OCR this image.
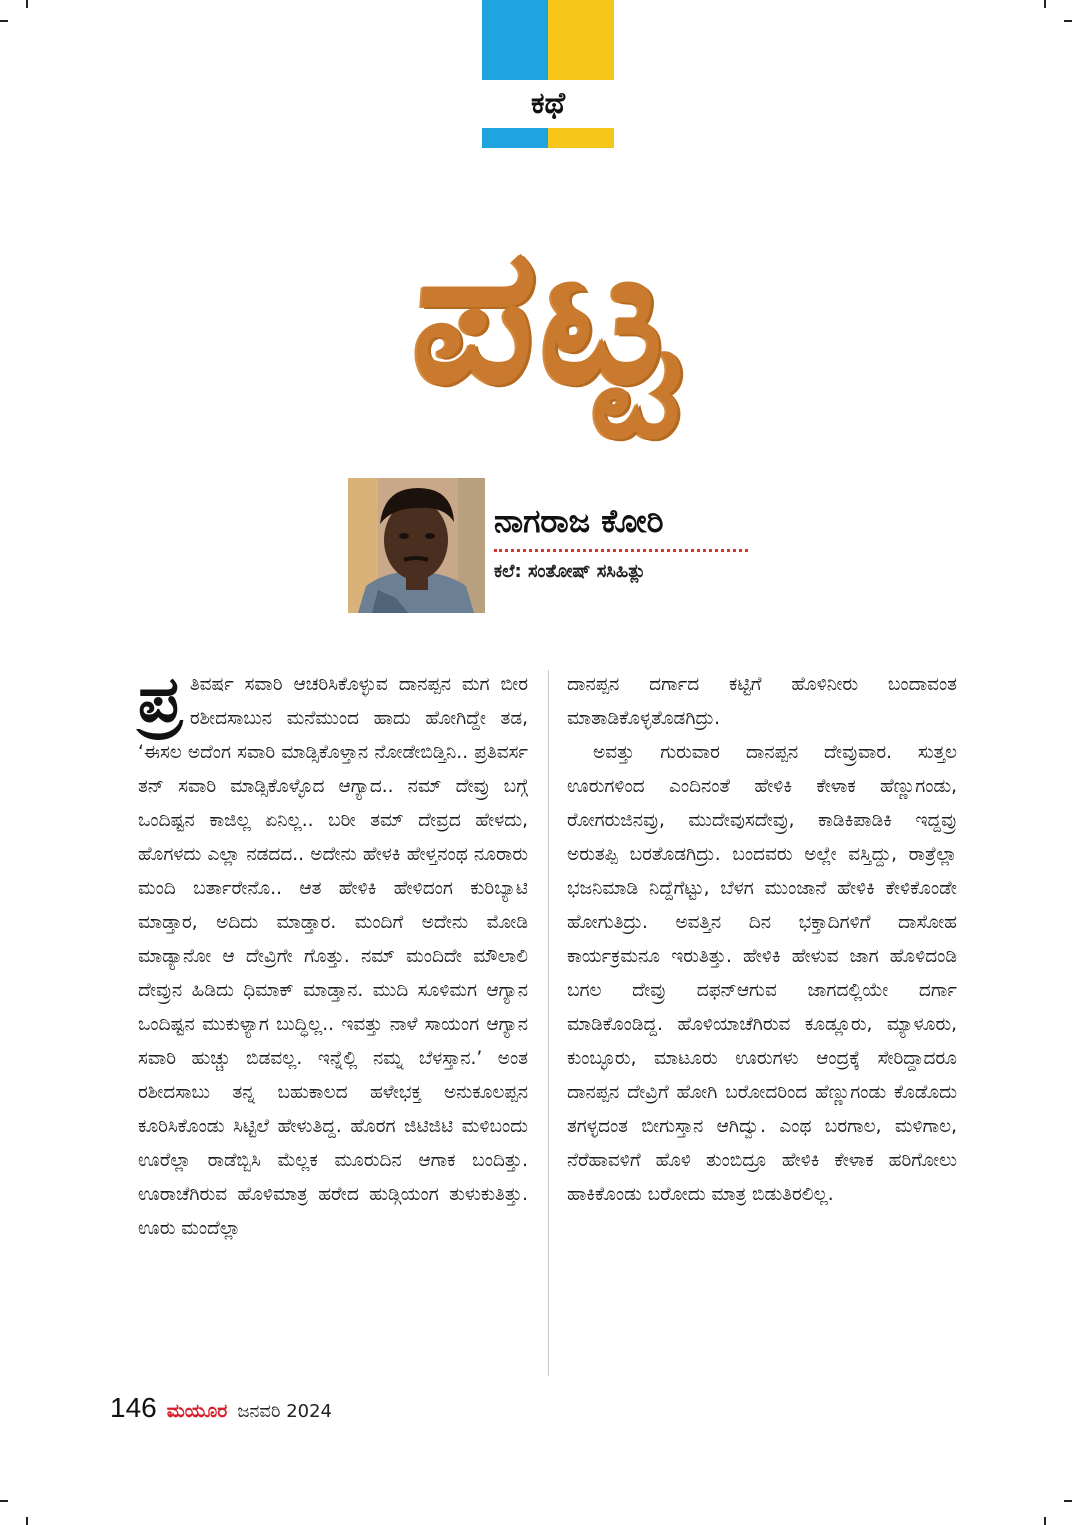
ಕಥೆ
ಪಟ್ಟ
ನಾಗರಾಜ ಕೋರಿ
ಕಲೆ: ಸಂತೋಷ್ ಸಸಿಹಿತ್ಲು

ಪ್ರ ತಿವರ್ಷ ಸವಾರಿ ಆಚರಿಸಿಕೊಳ್ಳುವ ದಾನಪ್ಪನ ಮಗ ಬೀರ ರಶೀದಸಾಬುನ ಮನೆಮುಂದ ಹಾದು ಹೋಗಿದ್ದೇ ತಡ, ‘ಈಸಲ ಅದೆಂಗ ಸವಾರಿ ಮಾಡ್ಸಿಕೊಳ್ತಾನ ನೋಡೇಬಿಡ್ತಿನಿ.. ಪ್ರತಿವರ್ಸ ತನ್ ಸವಾರಿ ಮಾಡ್ಸಿಕೊಳ್ಳೊದ ಆಗ್ಯಾದ.. ನಮ್ ದೇವ್ರು ಬಗ್ಗೆ ಒಂದಿಷ್ಟನ ಕಾಜಿಲ್ಲ ಏನಿಲ್ಲ.. ಬರೀ ತಮ್ ದೇವ್ರದ ಹೇಳದು, ಹೊಗಳದು ಎಲ್ಲಾ ನಡದದ.. ಅದೇನು ಹೇಳಕಿ ಹೇಳ್ತನಂಥ ನೂರಾರು ಮಂದಿ ಬರ್ತಾರೇನೊ.. ಆತ ಹೇಳಿಕಿ ಹೇಳಿದಂಗ ಕುರಿಬ್ಯಾಟಿ ಮಾಡ್ತಾರ, ಅದಿದು ಮಾಡ್ತಾರ. ಮಂದಿಗೆ ಅದೇನು ಮೋಡಿ ಮಾಡ್ಯಾನೋ ಆ ದೇವ್ರಿಗೇ ಗೊತ್ತು. ನಮ್ ಮಂದಿದೇ ಮೌಲಾಲಿ ದೇವ್ರುನ ಹಿಡಿದು ಧಿಮಾಕ್ ಮಾಡ್ತಾನ. ಮುದಿ ಸೂಳಿಮಗ ಆಗ್ಯಾನ ಒಂದಿಷ್ಟನ ಮುಕುಳ್ಯಾಗ ಬುದ್ಧಿಲ್ಲ.. ಇವತ್ತು ನಾಳೆ ಸಾಯಂಗ ಆಗ್ಯಾನ ಸವಾರಿ ಹುಚ್ಚು ಬಿಡವಲ್ಲ. ಇನ್ನೆಲ್ಲಿ ನಮ್ನ ಬೆಳಸ್ತಾನ.’ ಅಂತ ರಶೀದಸಾಬು ತನ್ನ ಬಹುಕಾಲದ ಹಳೇಭಕ್ತ ಅನುಕೂಲಪ್ಪನ ಕೂರಿಸಿಕೊಂಡು ಸಿಟ್ಟಿಲೆ ಹೇಳುತಿದ್ದ. ಹೊರಗ ಜಿಟಿಜಿಟಿ ಮಳಿಬಂದು ಊರೆಲ್ಲಾ ರಾಡೆಬ್ಬಿಸಿ ಮೆಲ್ಲಕ ಮೂರುದಿನ ಆಗಾಕ ಬಂದಿತ್ತು. ಊರಾಚೆಗಿರುವ ಹೊಳಿಮಾತ್ರ ಹರೇದ ಹುಡ್ಗಿಯಂಗ ತುಳುಕುತಿತ್ತು. ಊರು ಮಂದೆಲ್ಲಾ

ದಾನಪ್ಪನ ದರ್ಗಾದ ಕಟ್ಟಿಗೆ ಹೊಳಿನೀರು ಬಂದಾವಂತ ಮಾತಾಡಿಕೊಳ್ಳತೊಡಗಿದ್ರು.

ಅವತ್ತು ಗುರುವಾರ ದಾನಪ್ಪನ ದೇವ್ರುವಾರ. ಸುತ್ತಲ ಊರುಗಳಿಂದ ಎಂದಿನಂತೆ ಹೇಳಿಕಿ ಕೇಳಾಕ ಹೆಣ್ಣುಗಂಡು, ರೋಗರುಜಿನವ್ರು, ಮುದೇವುಸದೇವ್ರು, ಕಾಡಿಕಿಪಾಡಿಕಿ ಇದ್ದವ್ರು ಅರುತಪ್ಪಿ ಬರತೊಡಗಿದ್ರು. ಬಂದವರು ಅಲ್ಲೇ ವಸ್ತಿದ್ದು, ರಾತ್ರೆಲ್ಲಾ ಭಜನಿಮಾಡಿ ನಿದ್ದೆಗೆಟ್ಟು, ಬೆಳಗ ಮುಂಜಾನೆ ಹೇಳಿಕಿ ಕೇಳಿಕೊಂಡೇ ಹೋಗುತಿದ್ರು. ಅವತ್ತಿನ ದಿನ ಭಕ್ತಾದಿಗಳಿಗೆ ದಾಸೋಹ ಕಾರ್ಯಕ್ರಮನೂ ಇರುತಿತ್ತು. ಹೇಳಿಕಿ ಹೇಳುವ ಜಾಗ ಹೊಳಿದಂಡಿ ಬಗಲ ದೇವ್ರು ದಫನ್‌ಆಗುವ ಜಾಗದಲ್ಲಿಯೇ ದರ್ಗಾ ಮಾಡಿಕೊಂಡಿದ್ದ. ಹೊಳಿಯಾಚೆಗಿರುವ ಕೂಡ್ಲೂರು, ಮ್ಯಾಳೂರು, ಕುಂಬ್ಳೂರು, ಮಾಟೂರು ಊರುಗಳು ಆಂದ್ರಕ್ಕೆ ಸೇರಿದ್ದಾದರೂ ದಾನಪ್ಪನ ದೇವ್ರಿಗೆ ಹೋಗಿ ಬರೋದರಿಂದ ಹೆಣ್ಣುಗಂಡು ಕೊಡೊದು ತಗಳ್ಳದಂತ ಬೀಗುಸ್ತಾನ ಆಗಿದ್ವು. ಎಂಥ ಬರಗಾಲ, ಮಳಿಗಾಲ, ನೆರೆಹಾವಳಿಗೆ ಹೊಳಿ ತುಂಬಿದ್ರೂ ಹೇಳಿಕಿ ಕೇಳಾಕ ಹರಿಗೋಲು ಹಾಕಿಕೊಂಡು ಬರೋದು ಮಾತ್ರ ಬಿಡುತಿರಲಿಲ್ಲ.

146 ಮಯೂರ ಜನವರಿ 2024
